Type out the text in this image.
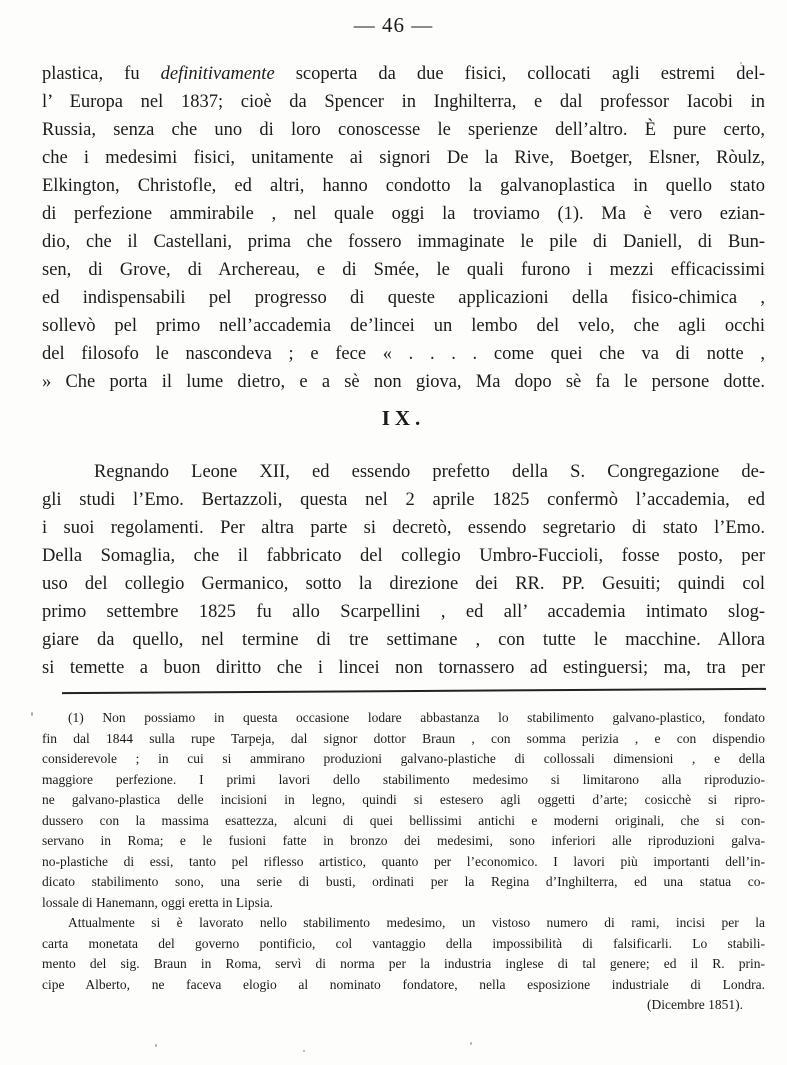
— 46 —
plastica, fu definitivamente scoperta da due fisici, collocati agli estremi del-
l’ Europa nel 1837; cioè da Spencer in Inghilterra, e dal professor Iacobi in
Russia, senza che uno di loro conoscesse le sperienze dell’altro. È pure certo,
che i medesimi fisici, unitamente ai signori De la Rive, Boetger, Elsner, Ròulz,
Elkington, Christofle, ed altri, hanno condotto la galvanoplastica in quello stato
di perfezione ammirabile , nel quale oggi la troviamo (1). Ma è vero ezian-
dio, che il Castellani, prima che fossero immaginate le pile di Daniell, di Bun-
sen, di Grove, di Archereau, e di Smée, le quali furono i mezzi efficacissimi
ed indispensabili pel progresso di queste applicazioni della fisico-chimica ,
sollevò pel primo nell’accademia de’lincei un lembo del velo, che agli occhi
del filosofo le nascondeva ; e fece « . . . . come quei che va di notte ,
» Che porta il lume dietro, e a sè non giova, Ma dopo sè fa le persone dotte.
IX.
Regnando Leone XII, ed essendo prefetto della S. Congregazione de-
gli studi l’Emo. Bertazzoli, questa nel 2 aprile 1825 confermò l’accademia, ed
i suoi regolamenti. Per altra parte si decretò, essendo segretario di stato l’Emo.
Della Somaglia, che il fabbricato del collegio Umbro-Fuccioli, fosse posto, per
uso del collegio Germanico, sotto la direzione dei RR. PP. Gesuiti; quindi col
primo settembre 1825 fu allo Scarpellini , ed all’ accademia intimato slog-
giare da quello, nel termine di tre settimane , con tutte le macchine. Allora
si temette a buon diritto che i lincei non tornassero ad estinguersi; ma, tra per
(1) Non possiamo in questa occasione lodare abbastanza lo stabilimento galvano-plastico, fondato
fin dal 1844 sulla rupe Tarpeja, dal signor dottor Braun , con somma perizia , e con dispendio
considerevole ; in cui si ammirano produzioni galvano-plastiche di collossali dimensioni , e della
maggiore perfezione. I primi lavori dello stabilimento medesimo si limitarono alla riproduzio-
ne galvano-plastica delle incisioni in legno, quindi si estesero agli oggetti d’arte; cosicchè si ripro-
dussero con la massima esattezza, alcuni di quei bellissimi antichi e moderni originali, che si con-
servano in Roma; e le fusioni fatte in bronzo dei medesimi, sono inferiori alle riproduzioni galva-
no-plastiche di essi, tanto pel riflesso artistico, quanto per l’economico. I lavori più importanti dell’in-
dicato stabilimento sono, una serie di busti, ordinati per la Regina d’Inghilterra, ed una statua co-
lossale di Hanemann, oggi eretta in Lipsia.
Attualmente si è lavorato nello stabilimento medesimo, un vistoso numero di rami, incisi per la
carta monetata del governo pontificio, col vantaggio della impossibilità di falsificarli. Lo stabili-
mento del sig. Braun in Roma, servì di norma per la industria inglese di tal genere; ed il R. prin-
cipe Alberto, ne faceva elogio al nominato fondatore, nella esposizione industriale di Londra.
(Dicembre 1851).
